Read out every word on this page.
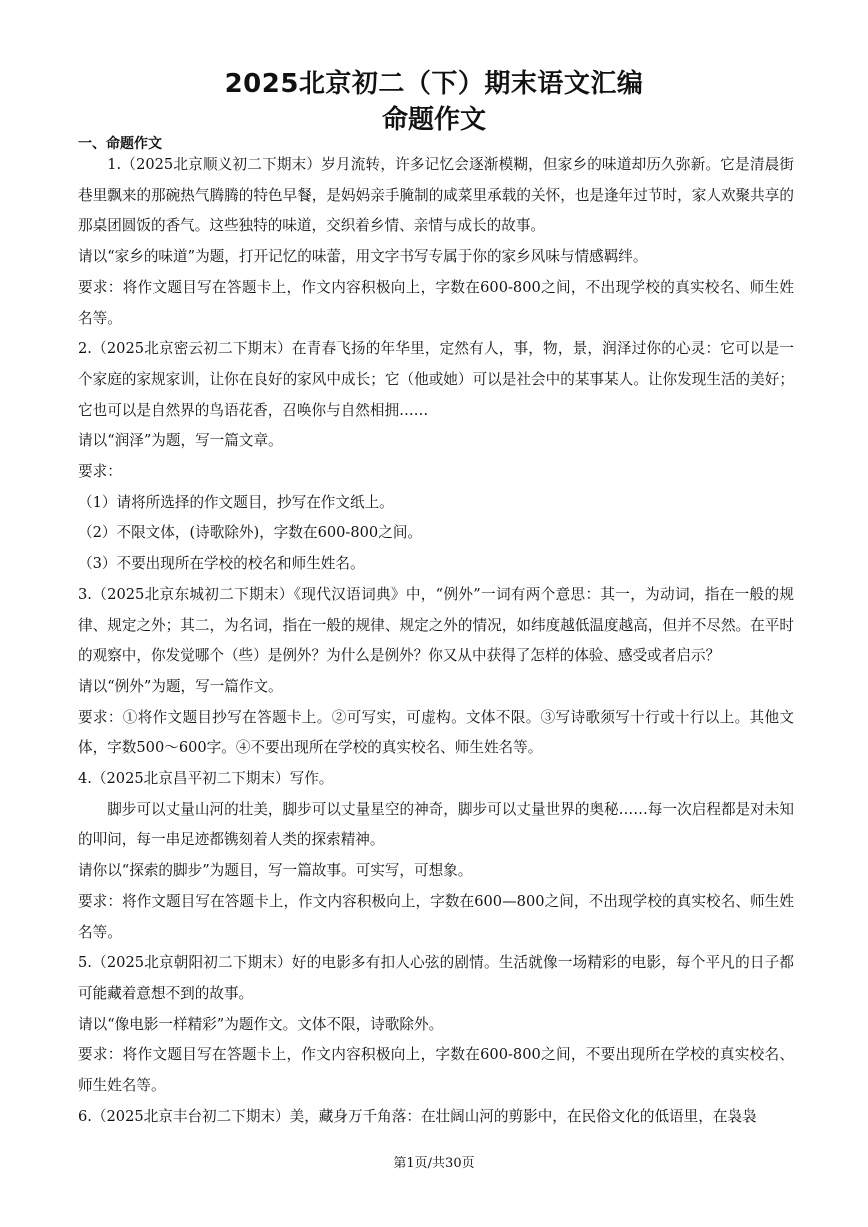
2025北京初二（下）期末语文汇编
命题作文
一、命题作文

1.（2025北京顺义初二下期末）岁月流转，许多记忆会逐渐模糊，但家乡的味道却历久弥新。它是清晨街巷里飘来的那碗热气腾腾的特色早餐，是妈妈亲手腌制的咸菜里承载的关怀，也是逢年过节时，家人欢聚共享的那桌团圆饭的香气。这些独特的味道，交织着乡情、亲情与成长的故事。

请以“家乡的味道”为题，打开记忆的味蕾，用文字书写专属于你的家乡风味与情感羁绊。

要求：将作文题目写在答题卡上，作文内容积极向上，字数在600-800之间，不出现学校的真实校名、师生姓名等。

2.（2025北京密云初二下期末）在青春飞扬的年华里，定然有人，事，物，景，润泽过你的心灵：它可以是一个家庭的家规家训，让你在良好的家风中成长；它（他或她）可以是社会中的某事某人。让你发现生活的美好；它也可以是自然界的鸟语花香，召唤你与自然相拥……

请以“润泽”为题，写一篇文章。

要求：

（1）请将所选择的作文题目，抄写在作文纸上。

（2）不限文体，(诗歌除外)，字数在600-800之间。

（3）不要出现所在学校的校名和师生姓名。

3.（2025北京东城初二下期末）《现代汉语词典》中，“例外”一词有两个意思：其一，为动词，指在一般的规律、规定之外；其二，为名词，指在一般的规律、规定之外的情况，如纬度越低温度越高，但并不尽然。在平时的观察中，你发觉哪个（些）是例外？为什么是例外？你又从中获得了怎样的体验、感受或者启示？

请以“例外”为题，写一篇作文。

要求：①将作文题目抄写在答题卡上。②可写实，可虚构。文体不限。③写诗歌须写十行或十行以上。其他文体，字数500～600字。④不要出现所在学校的真实校名、师生姓名等。

4.（2025北京昌平初二下期末）写作。

脚步可以丈量山河的壮美，脚步可以丈量星空的神奇，脚步可以丈量世界的奥秘……每一次启程都是对未知的叩问，每一串足迹都镌刻着人类的探索精神。

请你以“探索的脚步”为题目，写一篇故事。可实写，可想象。

要求：将作文题目写在答题卡上，作文内容积极向上，字数在600—800之间，不出现学校的真实校名、师生姓名等。

5.（2025北京朝阳初二下期末）好的电影多有扣人心弦的剧情。生活就像一场精彩的电影，每个平凡的日子都可能藏着意想不到的故事。

请以“像电影一样精彩”为题作文。文体不限，诗歌除外。

要求：将作文题目写在答题卡上，作文内容积极向上，字数在600-800之间，不要出现所在学校的真实校名、师生姓名等。

6.（2025北京丰台初二下期末）美，藏身万千角落：在壮阔山河的剪影中，在民俗文化的低语里，在袅袅

第1页/共30页
